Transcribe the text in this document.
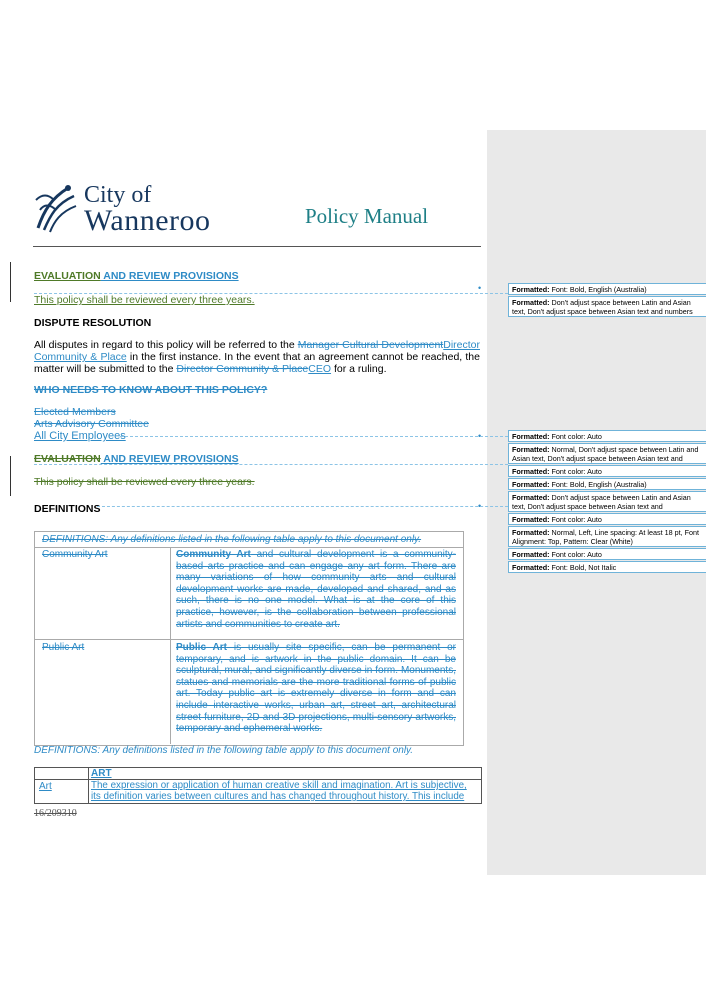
City of
Wanneroo	Policy Manual
EVALUATION AND REVIEW PROVISIONS
This policy shall be reviewed every three years.
DISPUTE RESOLUTION
All disputes in regard to this policy will be referred to the Manager Cultural DevelopmentDirector Community & Place in the first instance. In the event that an agreement cannot be reached, the matter will be submitted to the Director Community & PlaceCEO for a ruling.
WHO NEEDS TO KNOW ABOUT THIS POLICY?
Elected Members
Arts Advisory Committee
All City Employees
EVALUATION AND REVIEW PROVISIONS
This policy shall be reviewed every three years.
DEFINITIONS
DEFINITIONS: Any definitions listed in the following table apply to this document only.
Community Art	Community Art and cultural development is a community-based arts practice and can engage any art form. There are many variations of how community arts and cultural development works are made, developed and shared, and as such, there is no one model. What is at the core of this practice, however, is the collaboration between professional artists and communities to create art.
Public Art	Public Art is usually site specific, can be permanent or temporary, and is artwork in the public domain. It can be sculptural, mural, and significantly diverse in form. Monuments, statues and memorials are the more traditional forms of public art. Today public art is extremely diverse in form and can include interactive works, urban art, street art, architectural street furniture, 2D and 3D projections, multi-sensory artworks, temporary and ephemeral works.
DEFINITIONS: Any definitions listed in the following table apply to this document only.
ART
Art	The expression or application of human creative skill and imagination. Art is subjective, its definition varies between cultures and has changed throughout history. This include
16/209310
•
•
•
Formatted: Font: Bold, English (Australia)
Formatted: Don't adjust space between Latin and Asian text, Don't adjust space between Asian text and numbers
Formatted: Font color: Auto
Formatted: Normal, Don't adjust space between Latin and Asian text, Don't adjust space between Asian text and
Formatted: Font color: Auto
Formatted: Font: Bold, English (Australia)
Formatted: Don't adjust space between Latin and Asian text, Don't adjust space between Asian text and
Formatted: Font color: Auto
Formatted: Normal, Left, Line spacing: At least 18 pt, Font Alignment: Top, Pattern: Clear (White)
Formatted: Font color: Auto
Formatted: Font: Bold, Not Italic
